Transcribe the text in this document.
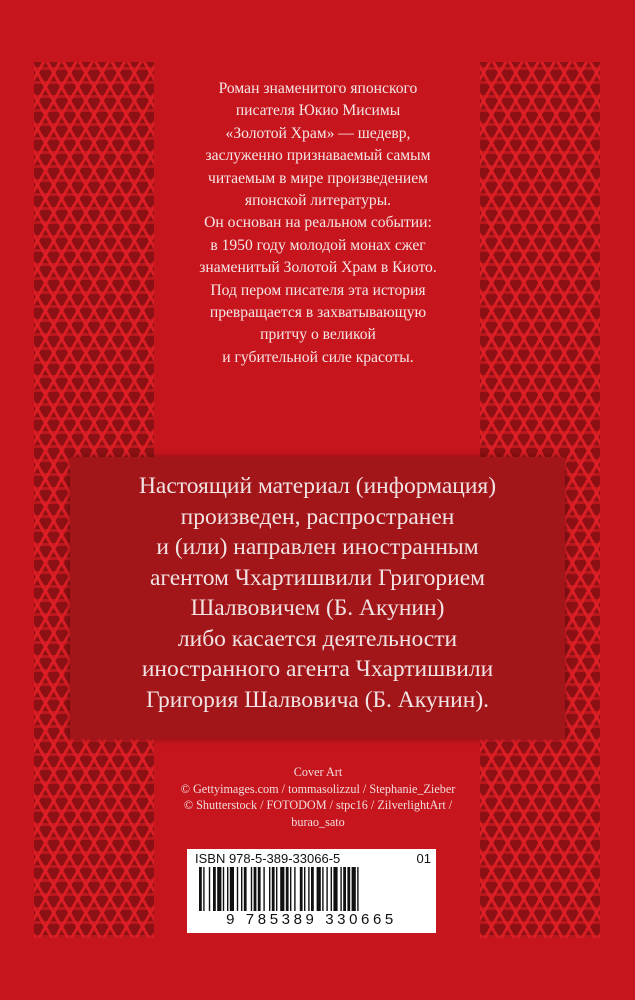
Роман знаменитого японского
писателя Юкио Мисимы
«Золотой Храм» — шедевр,
заслуженно признаваемый самым
читаемым в мире произведением
японской литературы.
Он основан на реальном событии:
в 1950 году молодой монах сжег
знаменитый Золотой Храм в Киото.
Под пером писателя эта история
превращается в захватывающую
притчу о великой
и губительной силе красоты.
Настоящий материал (информация)
произведен, распространен
и (или) направлен иностранным
агентом Чхартишвили Григорием
Шалвовичем (Б. Акунин)
либо касается деятельности
иностранного агента Чхартишвили
Григория Шалвовича (Б. Акунин).
Cover Art
© Gettyimages.com / tommasolizzul / Stephanie_Zieber
© Shutterstock / FOTODOM / stpc16 / ZilverlightArt /
burao_sato
ISBN 978-5-389-33066-5	01
9 785389 330665
